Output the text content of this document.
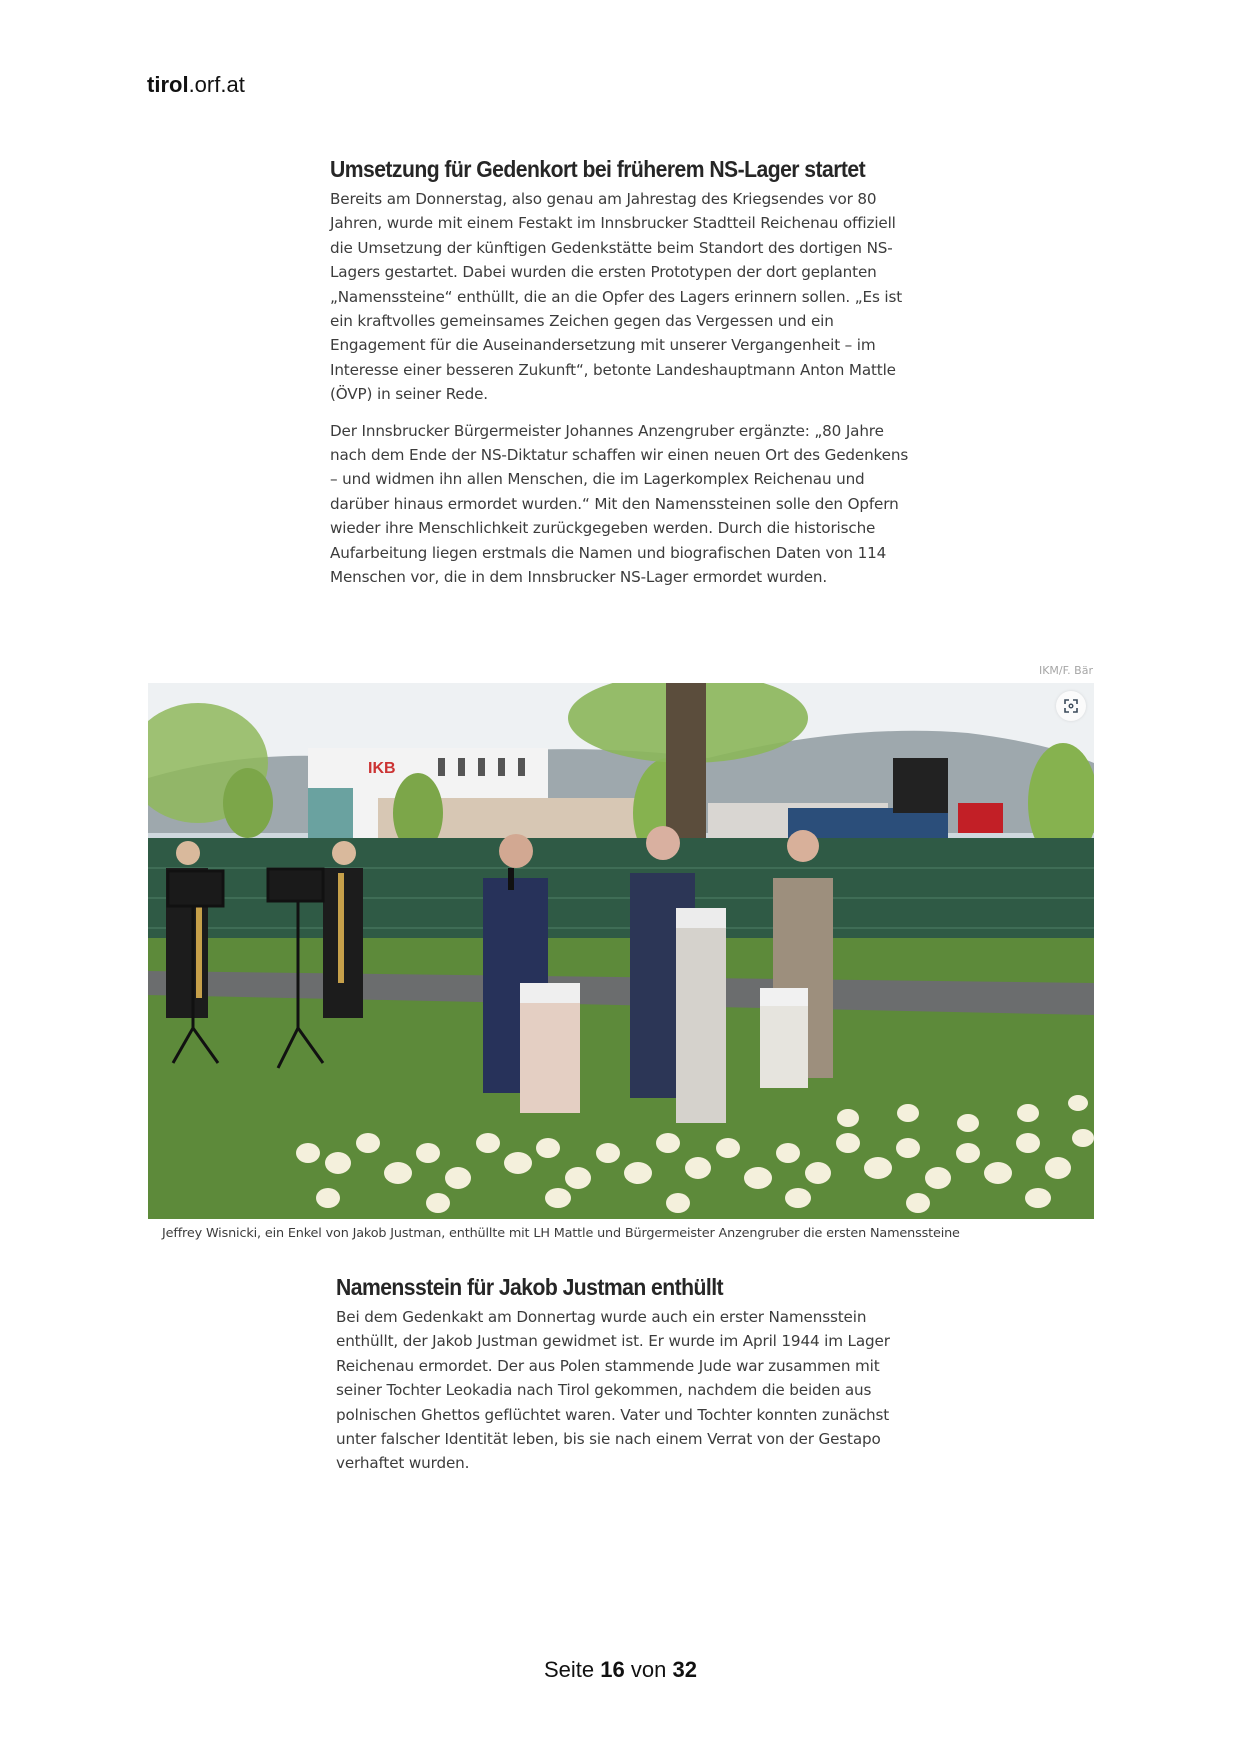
tirol.orf.at
Umsetzung für Gedenkort bei früherem NS-Lager startet

Bereits am Donnerstag, also genau am Jahrestag des Kriegsendes vor 80 Jahren, wurde mit einem Festakt im Innsbrucker Stadtteil Reichenau offiziell die Umsetzung der künftigen Gedenkstätte beim Standort des dortigen NS-Lagers gestartet. Dabei wurden die ersten Prototypen der dort geplanten „Namenssteine“ enthüllt, die an die Opfer des Lagers erinnern sollen. „Es ist ein kraftvolles gemeinsames Zeichen gegen das Vergessen und ein Engagement für die Auseinandersetzung mit unserer Vergangenheit – im Interesse einer besseren Zukunft“, betonte Landeshauptmann Anton Mattle (ÖVP) in seiner Rede.

Der Innsbrucker Bürgermeister Johannes Anzengruber ergänzte: „80 Jahre nach dem Ende der NS-Diktatur schaffen wir einen neuen Ort des Gedenkens – und widmen ihn allen Menschen, die im Lagerkomplex Reichenau und darüber hinaus ermordet wurden.“ Mit den Namenssteinen solle den Opfern wieder ihre Menschlichkeit zurückgegeben werden. Durch die historische Aufarbeitung liegen erstmals die Namen und biografischen Daten von 114 Menschen vor, die in dem Innsbrucker NS-Lager ermordet wurden.

IKM/F. Bär
IKB
Jeffrey Wisnicki, ein Enkel von Jakob Justman, enthüllte mit LH Mattle und Bürgermeister Anzengruber die ersten Namenssteine
Namensstein für Jakob Justman enthüllt

Bei dem Gedenkakt am Donnertag wurde auch ein erster Namensstein enthüllt, der Jakob Justman gewidmet ist. Er wurde im April 1944 im Lager Reichenau ermordet. Der aus Polen stammende Jude war zusammen mit seiner Tochter Leokadia nach Tirol gekommen, nachdem die beiden aus polnischen Ghettos geflüchtet waren. Vater und Tochter konnten zunächst unter falscher Identität leben, bis sie nach einem Verrat von der Gestapo verhaftet wurden.

Seite 16 von 32
